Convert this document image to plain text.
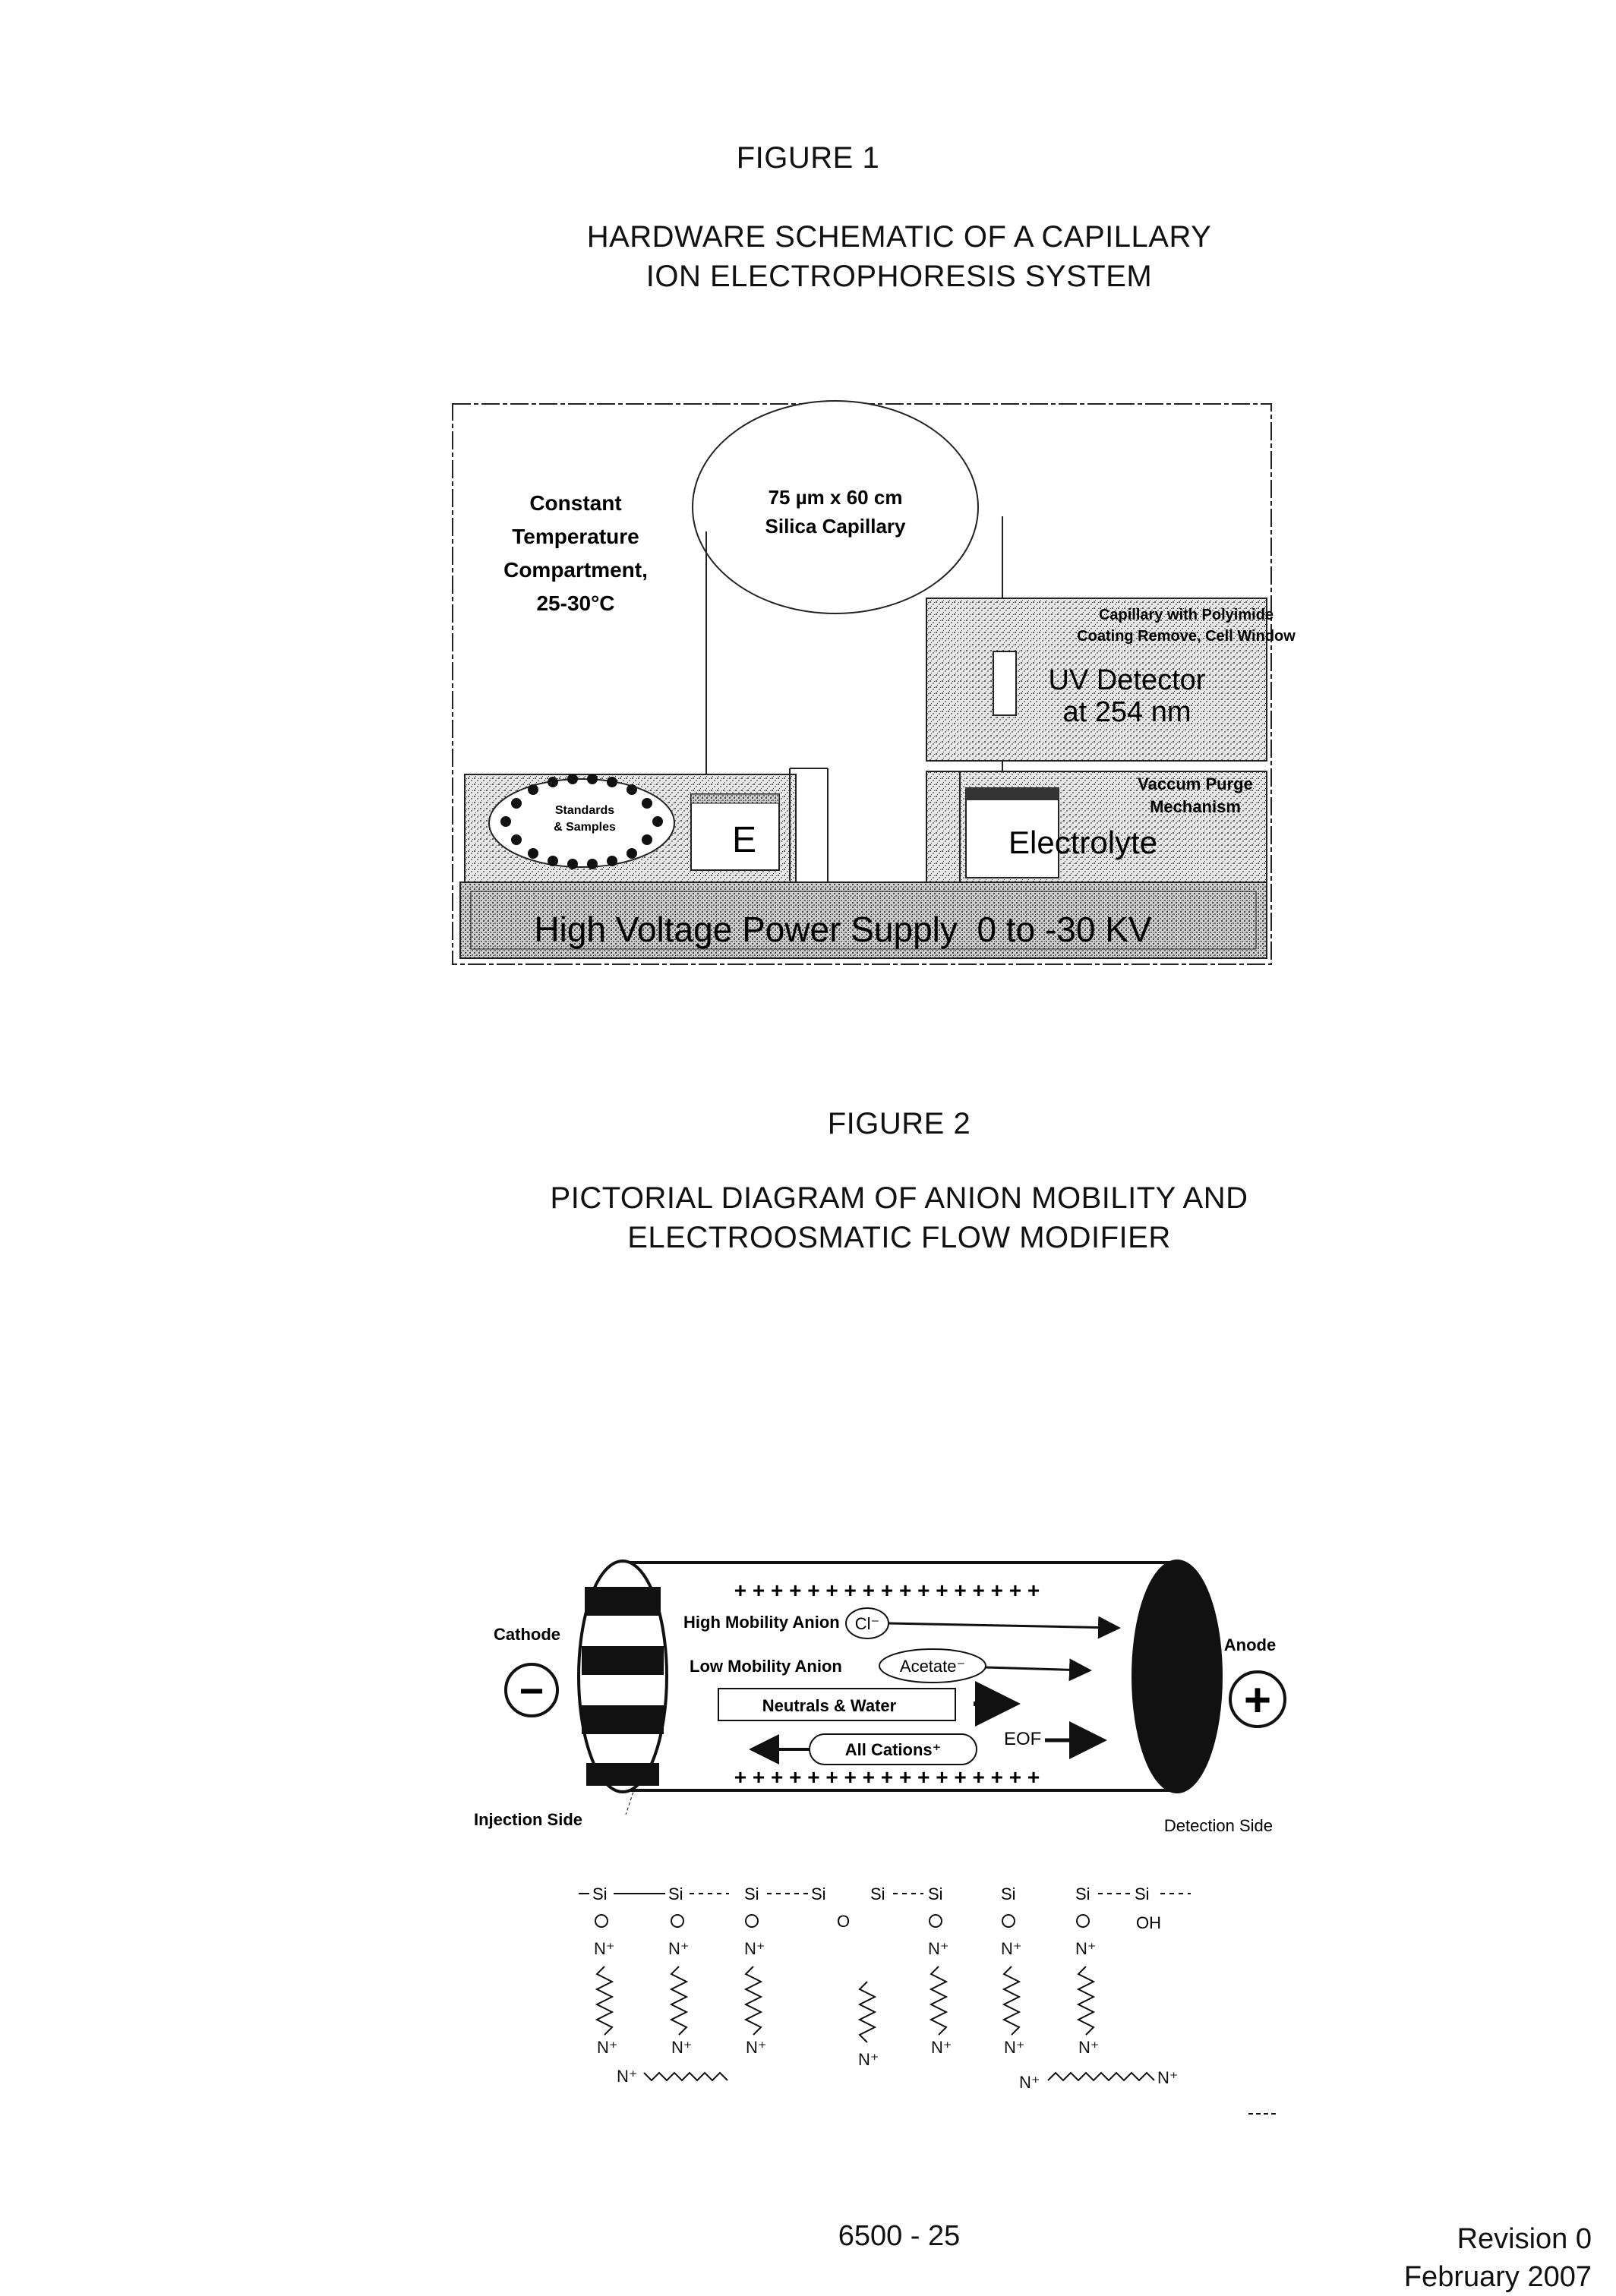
FIGURE 1
HARDWARE SCHEMATIC OF A CAPILLARY
ION ELECTROPHORESIS SYSTEM
Constant
Temperature
Compartment,
25-30°C
75 µm x 60 cm
Silica Capillary
Capillary with Polyimide
Coating Remove, Cell Window
UV Detector
at 254 nm
Standards
& Samples	E
Vaccum Purge
Mechanism
Electrolyte
High Voltage Power Supply  0 to -30 KV
FIGURE 2
PICTORIAL DIAGRAM OF ANION MOBILITY AND
ELECTROOSMATIC FLOW MODIFIER
+ + + + + + + + + + + + + + + + +
+ + + + + + + + + + + + + + + + +
High Mobility Anion Cl⁻
Low Mobility Anion	Acetate⁻
Neutrals & Water
All Cations⁺
EOF
Cathode
−
Anode
+
Injection Side	Detection Side
Si	Si	Si	Si
O
Si	Si	Si	Si	Si
OH
N⁺
N⁺
N⁺
N⁺
N⁺
N⁺
N⁺
N⁺
N⁺
N⁺
N⁺
N⁺
N⁺
N⁺	N⁺	N⁺
6500 - 25	Revision 0
February 2007
